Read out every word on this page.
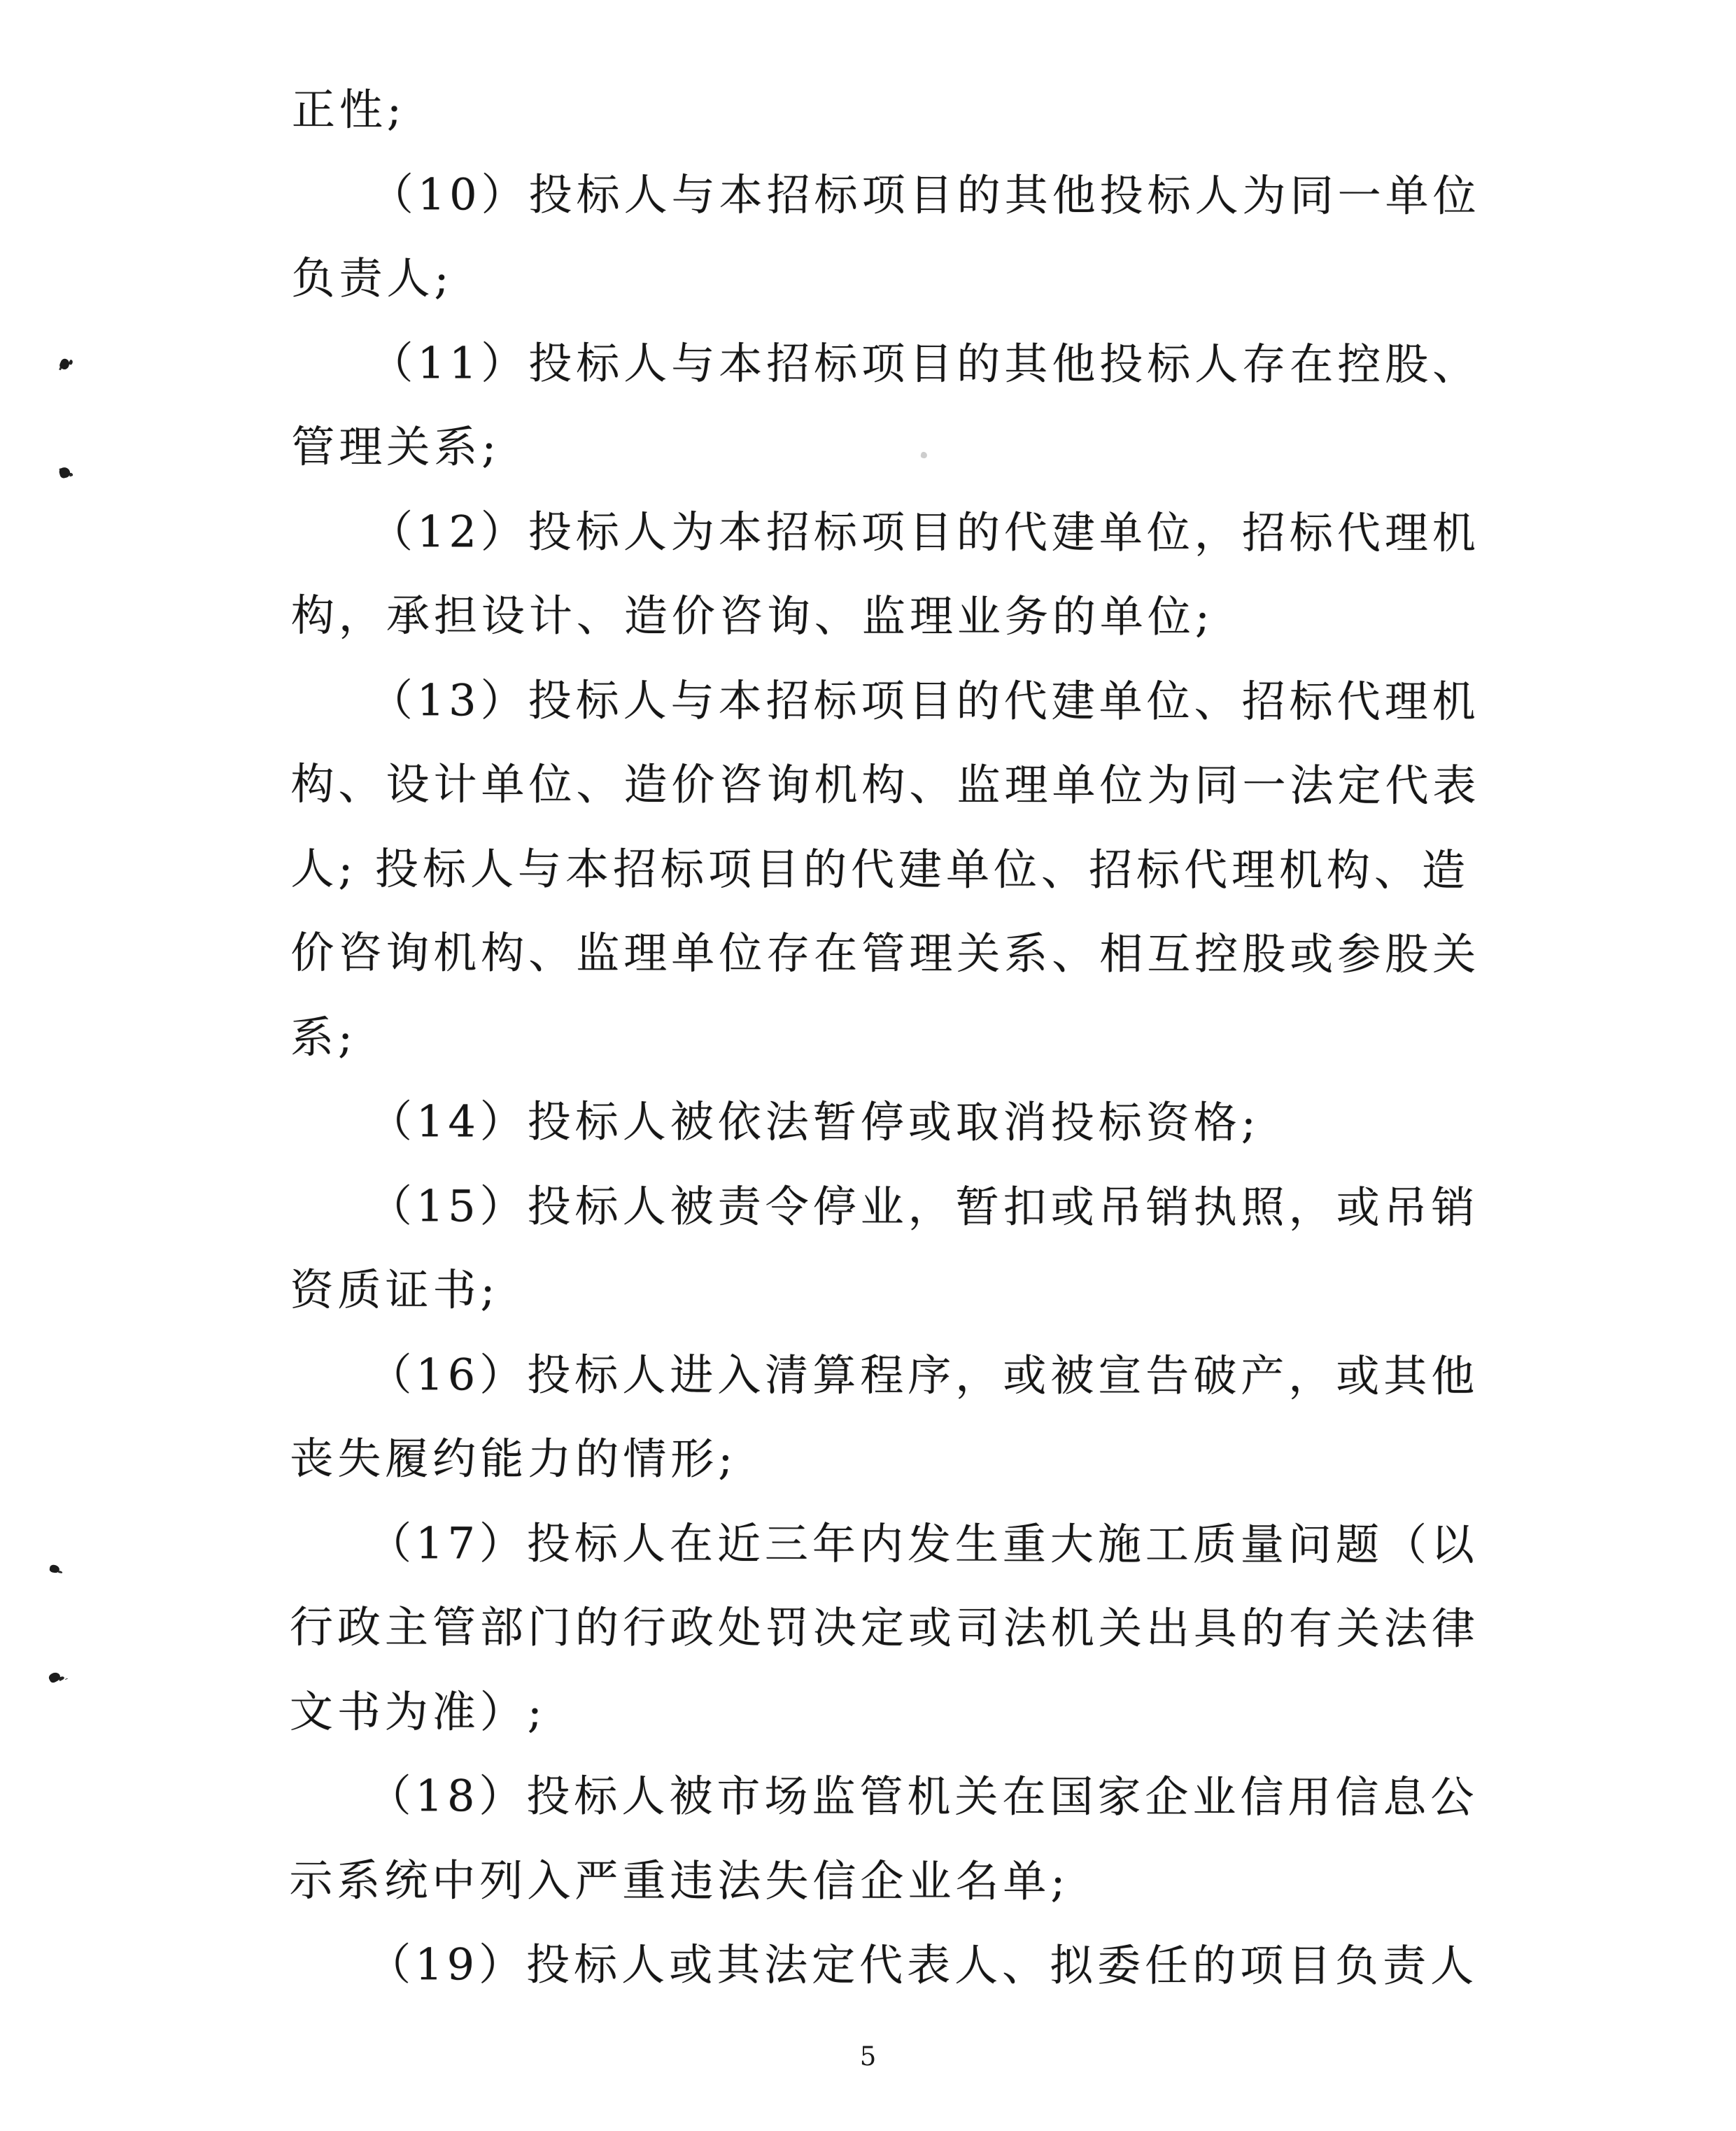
正性;

（10）投标人与本招标项目的其他投标人为同一单位

负责人;

（11）投标人与本招标项目的其他投标人存在控股、

管理关系;

（12）投标人为本招标项目的代建单位，招标代理机

构，承担设计、造价咨询、监理业务的单位;

（13）投标人与本招标项目的代建单位、招标代理机

构、设计单位、造价咨询机构、监理单位为同一法定代表

人; 投标人与本招标项目的代建单位、招标代理机构、造

价咨询机构、监理单位存在管理关系、相互控股或参股关

系;

（14）投标人被依法暂停或取消投标资格;

（15）投标人被责令停业，暂扣或吊销执照，或吊销

资质证书;

（16）投标人进入清算程序，或被宣告破产，或其他

丧失履约能力的情形;

（17）投标人在近三年内发生重大施工质量问题（以

行政主管部门的行政处罚决定或司法机关出具的有关法律

文书为准）;

（18）投标人被市场监管机关在国家企业信用信息公

示系统中列入严重违法失信企业名单;

（19）投标人或其法定代表人、拟委任的项目负责人

5
